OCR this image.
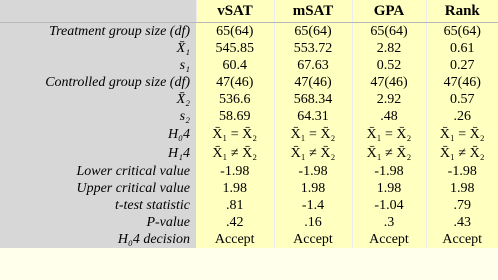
	vSAT	mSAT	GPA	Rank
Treatment group size (df)	65(64)	65(64)	65(64)	65(64)
X̄₁	545.85	553.72	2.82	0.61
s₁	60.4	67.63	0.52	0.27
Controlled group size (df)	47(46)	47(46)	47(46)	47(46)
X̄₂	536.6	568.34	2.92	0.57
s₂	58.69	64.31	.48	.26
H₀4	X̄₁ = X̄₂	X̄₁ = X̄₂	X̄₁ = X̄₂	X̄₁ = X̄₂
H₁4	X̄₁ ≠ X̄₂	X̄₁ ≠ X̄₂	X̄₁ ≠ X̄₂	X̄₁ ≠ X̄₂
Lower critical value	-1.98	-1.98	-1.98	-1.98
Upper critical value	1.98	1.98	1.98	1.98
t-test statistic	.81	-1.4	-1.04	.79
P-value	.42	.16	.3	.43
H₀4 decision	Accept	Accept	Accept	Accept
